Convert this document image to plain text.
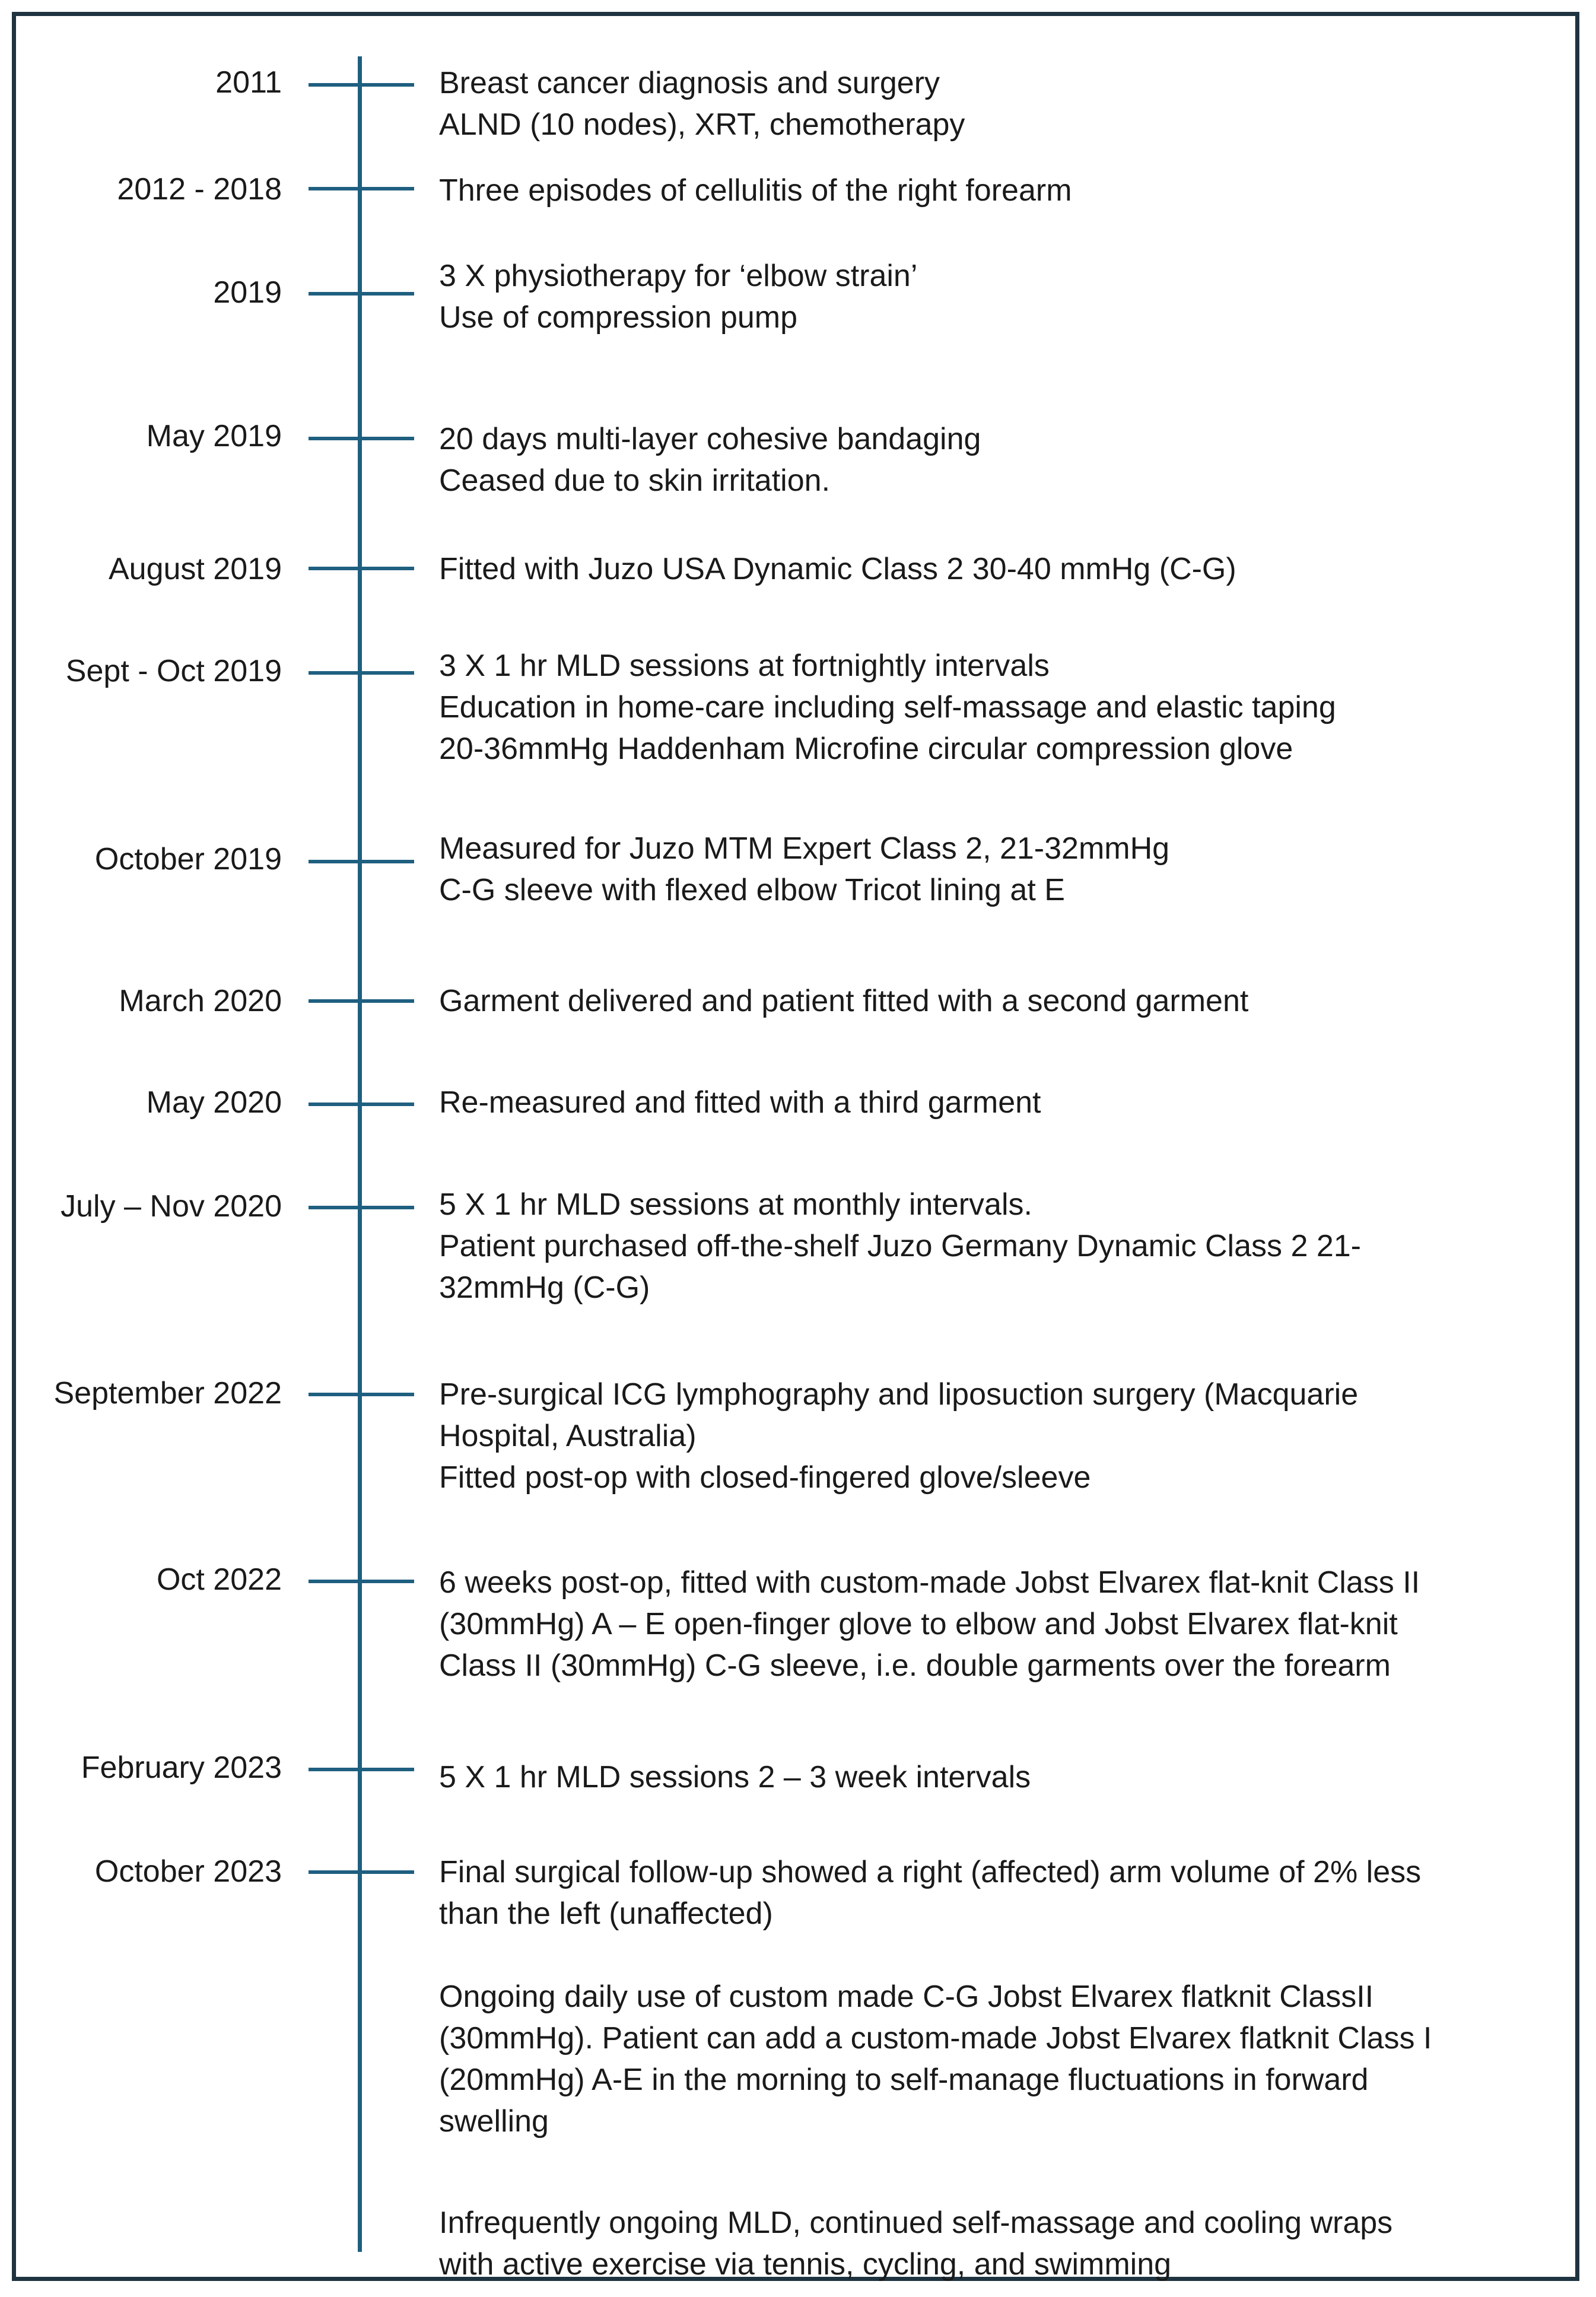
2011	Breast cancer diagnosis and surgery
ALND (10 nodes), XRT, chemotherapy
2012 - 2018	Three episodes of cellulitis of the right forearm
2019	3 X physiotherapy for ‘elbow strain’
Use of compression pump
May 2019	20 days multi-layer cohesive bandaging
Ceased due to skin irritation.
August 2019	Fitted with Juzo USA Dynamic Class 2 30-40 mmHg (C-G)
Sept - Oct 2019	3 X 1 hr MLD sessions at fortnightly intervals
Education in home-care including self-massage and elastic taping
20-36mmHg Haddenham Microfine circular compression glove
October 2019	Measured for Juzo MTM Expert Class 2, 21-32mmHg
C-G sleeve with flexed elbow Tricot lining at E
March 2020	Garment delivered and patient fitted with a second garment
May 2020	Re-measured and fitted with a third garment
July – Nov 2020	5 X 1 hr MLD sessions at monthly intervals.
Patient purchased off-the-shelf Juzo Germany Dynamic Class 2 21-
32mmHg (C-G)
September 2022	Pre-surgical ICG lymphography and liposuction surgery (Macquarie
Hospital, Australia)
Fitted post-op with closed-fingered glove/sleeve
Oct 2022	6 weeks post-op, fitted with custom-made Jobst Elvarex flat-knit Class II
(30mmHg) A – E open-finger glove to elbow and Jobst Elvarex flat-knit
Class II (30mmHg) C-G sleeve, i.e. double garments over the forearm
February 2023	5 X 1 hr MLD sessions 2 – 3 week intervals
October 2023	Final surgical follow-up showed a right (affected) arm volume of 2% less
than the left (unaffected)
Ongoing daily use of custom made C-G Jobst Elvarex flatknit ClassII
(30mmHg). Patient can add a custom-made Jobst Elvarex flatknit Class I
(20mmHg) A-E in the morning to self-manage fluctuations in forward
swelling
Infrequently ongoing MLD, continued self-massage and cooling wraps
with active exercise via tennis, cycling, and swimming
